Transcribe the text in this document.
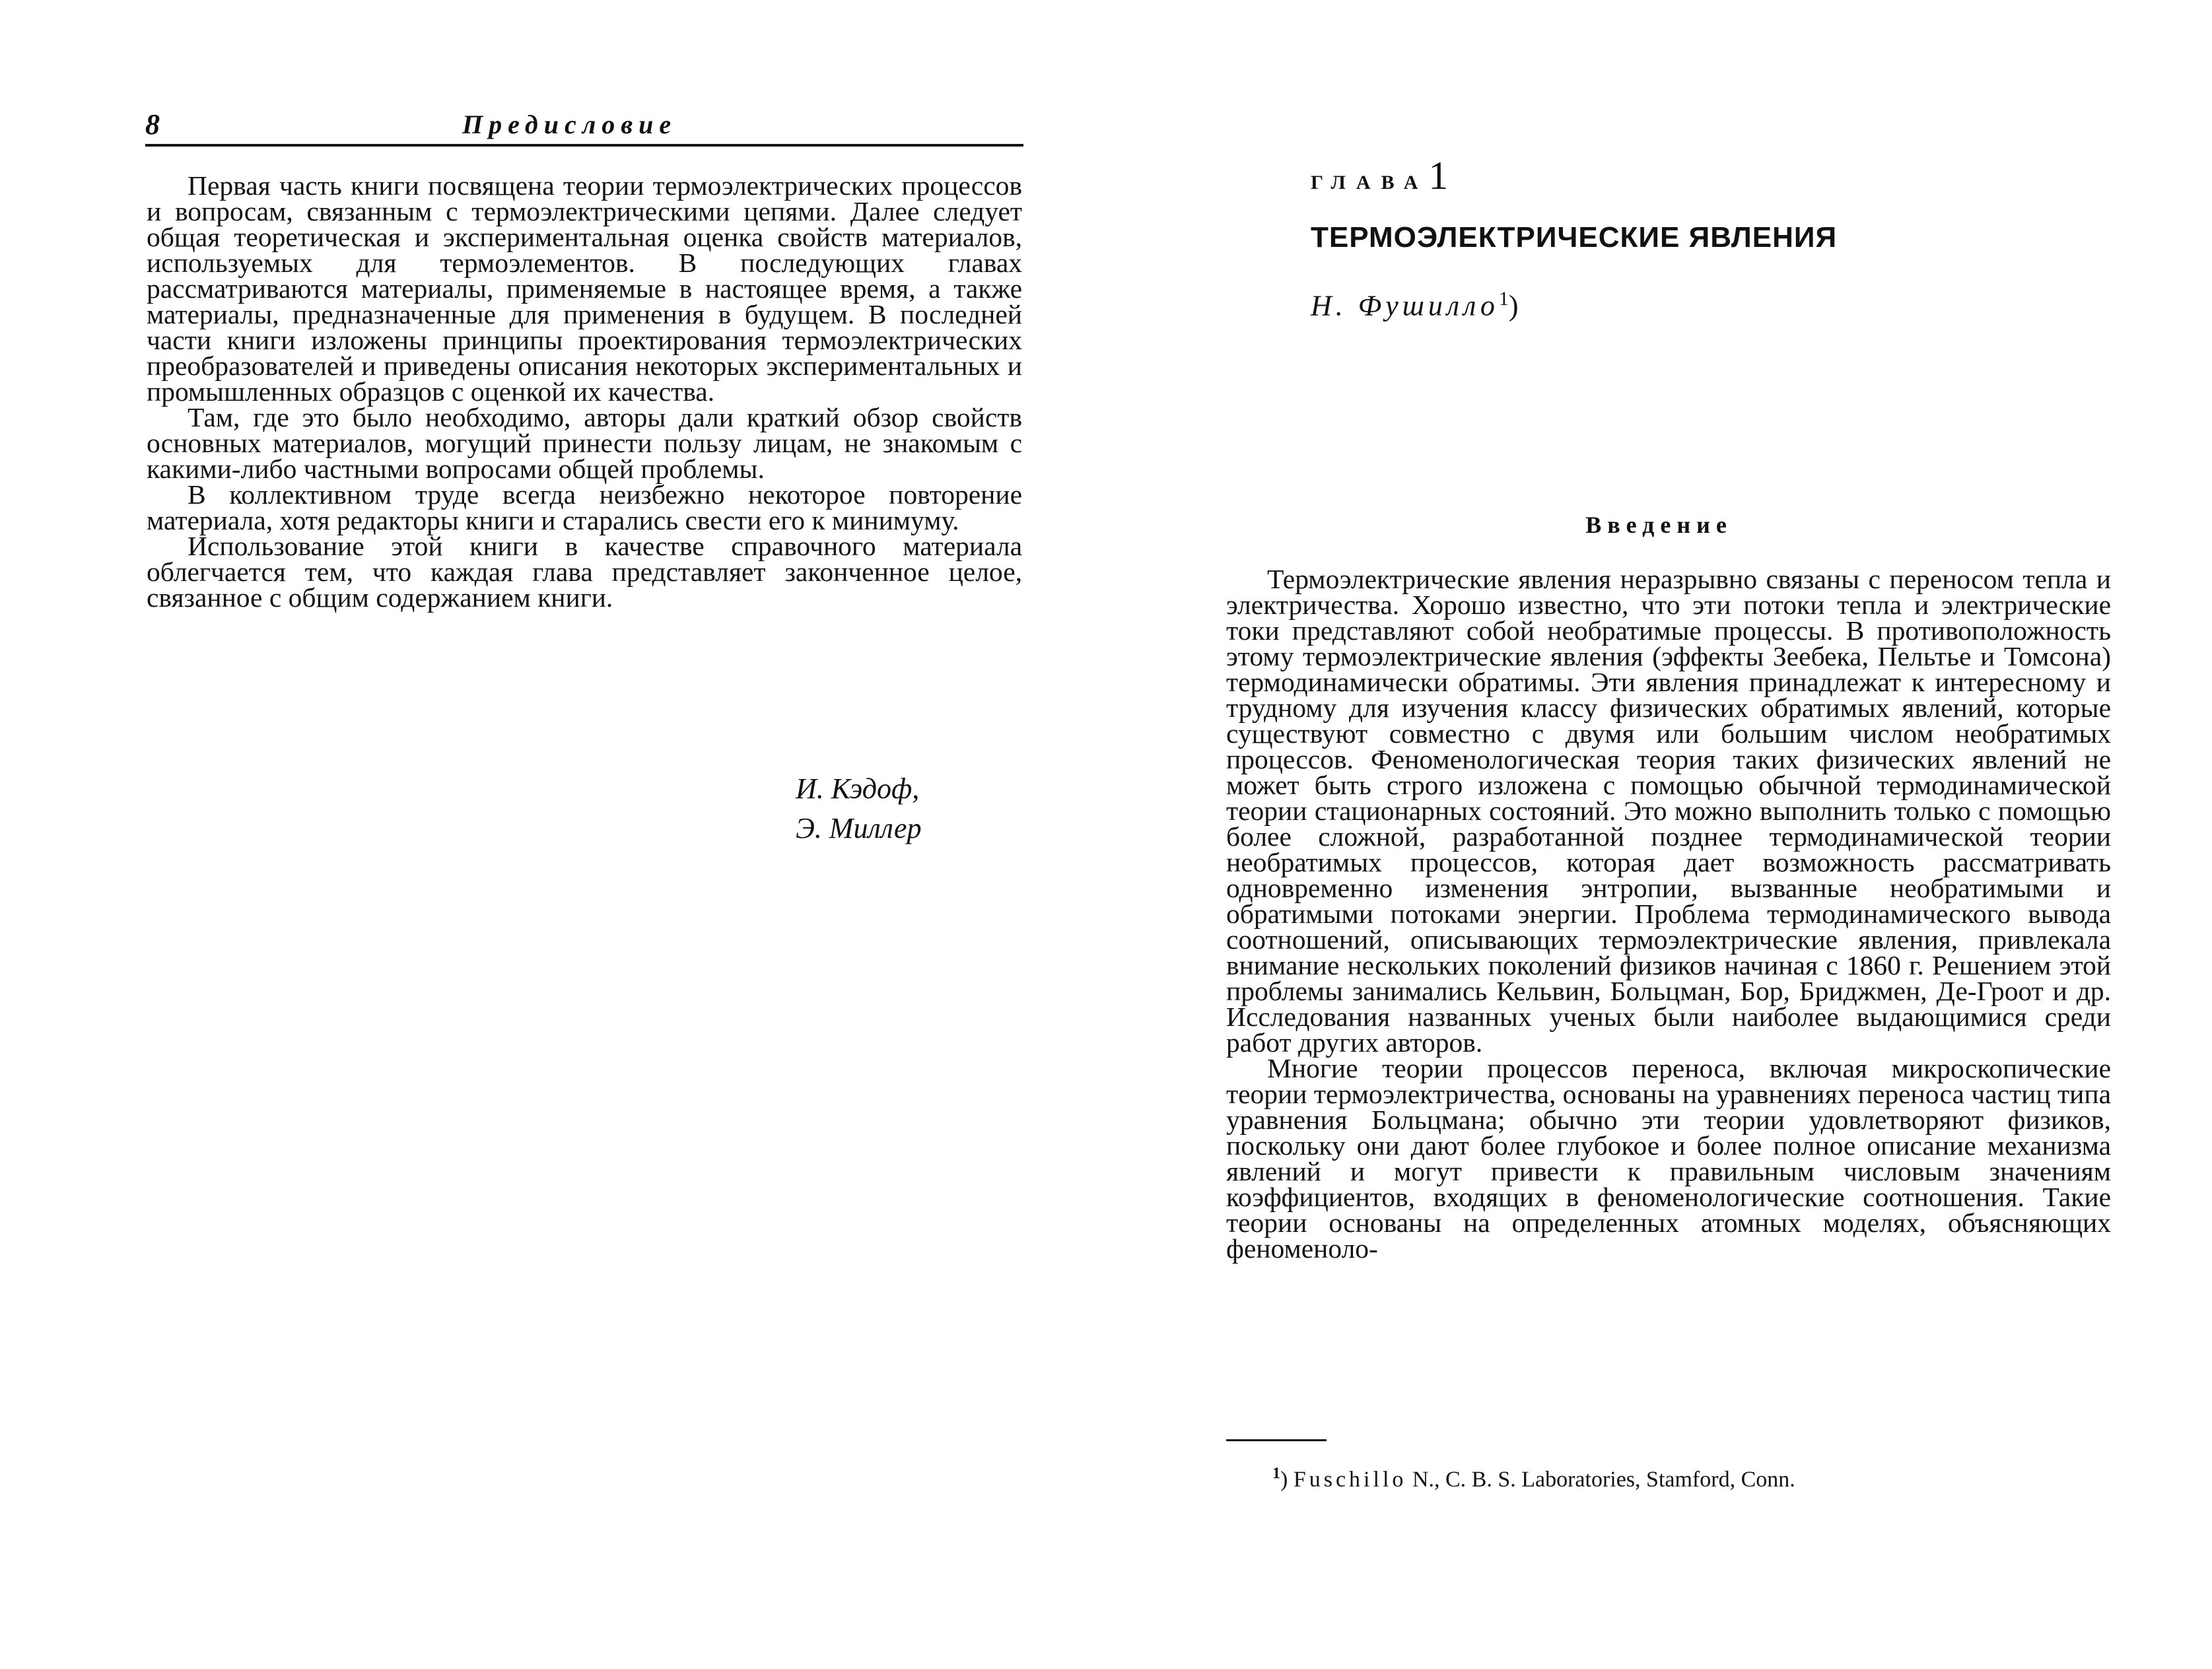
8	Предисловие

Первая часть книги посвящена теории термоэлектрических процессов и вопросам, связанным с термоэлектрическими цепями. Далее следует общая теоретическая и экспериментальная оценка свойств материалов, используемых для термоэлементов. В последующих главах рассматриваются материалы, применяемые в настоящее время, а также материалы, предназначенные для применения в будущем. В последней части книги изложены принципы проектирования термоэлектрических преобразователей и приведены описания некоторых экспериментальных и промышленных образцов с оценкой их качества.

Там, где это было необходимо, авторы дали краткий обзор свойств основных материалов, могущий принести пользу лицам, не знакомым с какими-либо частными вопросами общей проблемы.

В коллективном труде всегда неизбежно некоторое повторение материала, хотя редакторы книги и старались свести его к минимуму.

Использование этой книги в качестве справочного материала облегчается тем, что каждая глава представляет законченное целое, связанное с общим содержанием книги.

И. Кэдоф,
Э. Миллер
ГЛАВА1
ТЕРМОЭЛЕКТРИЧЕСКИЕ ЯВЛЕНИЯ
Н. Фушилло$^1$)
Введение

Термоэлектрические явления неразрывно связаны с переносом тепла и электричества. Хорошо известно, что эти потоки тепла и электрические токи представляют собой необратимые процессы. В противоположность этому термоэлектрические явления (эффекты Зеебека, Пельтье и Томсона) термодинамически обратимы. Эти явления принадлежат к интересному и трудному для изучения классу физических обратимых явлений, которые существуют совместно с двумя или большим числом необратимых процессов. Феноменологическая теория таких физических явлений не может быть строго изложена с помощью обычной термодинамической теории стационарных состояний. Это можно выполнить только с помощью более сложной, разработанной позднее термодинамической теории необратимых процессов, которая дает возможность рассматривать одновременно изменения энтропии, вызванные необратимыми и обратимыми потоками энергии. Проблема термодинамического вывода соотношений, описывающих термоэлектрические явления, привлекала внимание нескольких поколений физиков начиная с 1860 г. Решением этой проблемы занимались Кельвин, Больцман, Бор, Бриджмен, Де-Гроот и др. Исследования названных ученых были наиболее выдающимися среди работ других авторов.

Многие теории процессов переноса, включая микроскопические теории термоэлектричества, основаны на уравнениях переноса частиц типа уравнения Больцмана; обычно эти теории удовлетворяют физиков, поскольку они дают более глубокое и более полное описание механизма явлений и могут привести к правильным числовым значениям коэффициентов, входящих в феноменологические соотношения. Такие теории основаны на определенных атомных моделях, объясняющих феноменоло-

$^1$) Fuschillo N., C. B. S. Laboratories, Stamford, Conn.
